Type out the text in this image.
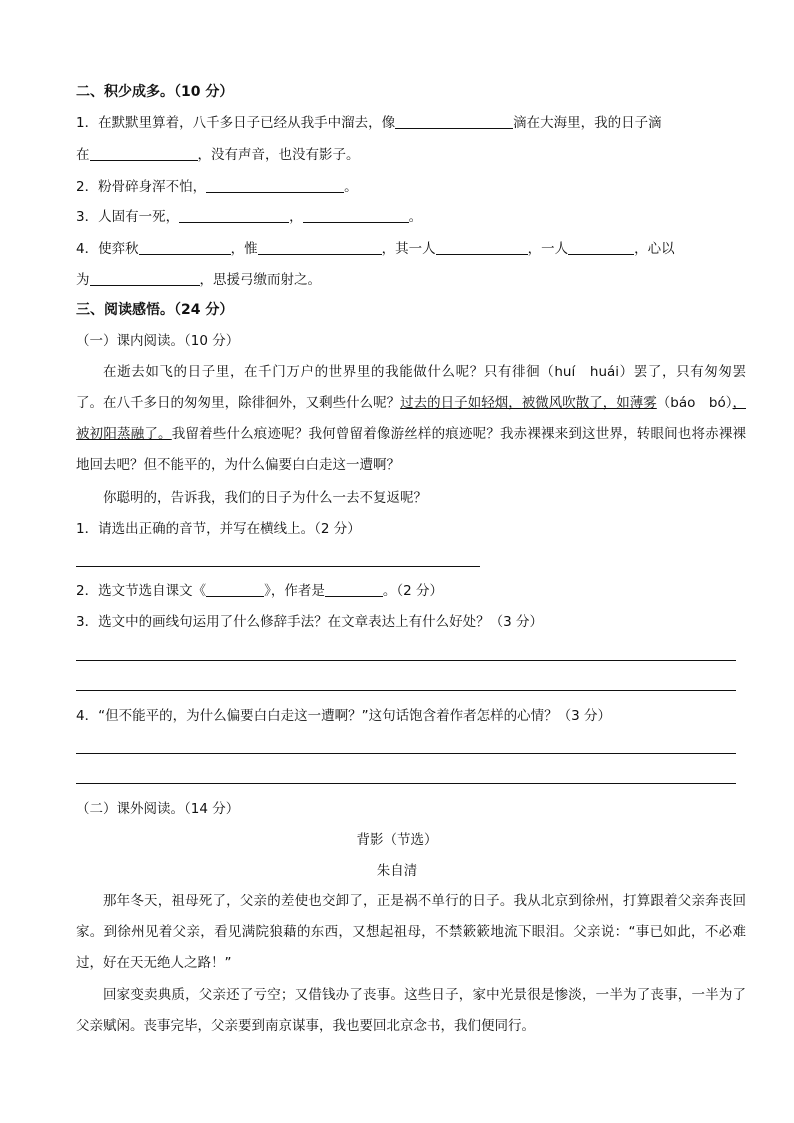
二、积少成多。（10 分）
1．在默默里算着，八千多日子已经从我手中溜去，像	滴在大海里，我的日子滴
在	，没有声音，也没有影子。
2．粉骨碎身浑不怕，	。
3．人固有一死，	，	。
4．使弈秋	，惟	，其一人	，一人	，心以
为	，思援弓缴而射之。
三、阅读感悟。（24 分）
（一）课内阅读。（10 分）

在逝去如飞的日子里，在千门万户的世界里的我能做什么呢？只有徘徊（huí　huái）罢了，只有匆匆罢了。在八千多日的匆匆里，除徘徊外，又剩些什么呢？过去的日子如轻烟，被微风吹散了，如薄雾（báo　bó），被初阳蒸融了。我留着些什么痕迹呢？我何曾留着像游丝样的痕迹呢？我赤裸裸来到这世界，转眼间也将赤裸裸地回去吧？但不能平的，为什么偏要白白走这一遭啊？

你聪明的，告诉我，我们的日子为什么一去不复返呢？
1．请选出正确的音节，并写在横线上。（2 分）
2．选文节选自课文《	》，作者是	。（2 分）
3．选文中的画线句运用了什么修辞手法？在文章表达上有什么好处？（3 分）
4．“但不能平的，为什么偏要白白走这一遭啊？”这句话饱含着作者怎样的心情？（3 分）
（二）课外阅读。（14 分）
背影（节选）
朱自清

那年冬天，祖母死了，父亲的差使也交卸了，正是祸不单行的日子。我从北京到徐州，打算跟着父亲奔丧回家。到徐州见着父亲，看见满院狼藉的东西，又想起祖母，不禁簌簌地流下眼泪。父亲说：“事已如此，不必难过，好在天无绝人之路！”

回家变卖典质，父亲还了亏空；又借钱办了丧事。这些日子，家中光景很是惨淡，一半为了丧事，一半为了父亲赋闲。丧事完毕，父亲要到南京谋事，我也要回北京念书，我们便同行。
